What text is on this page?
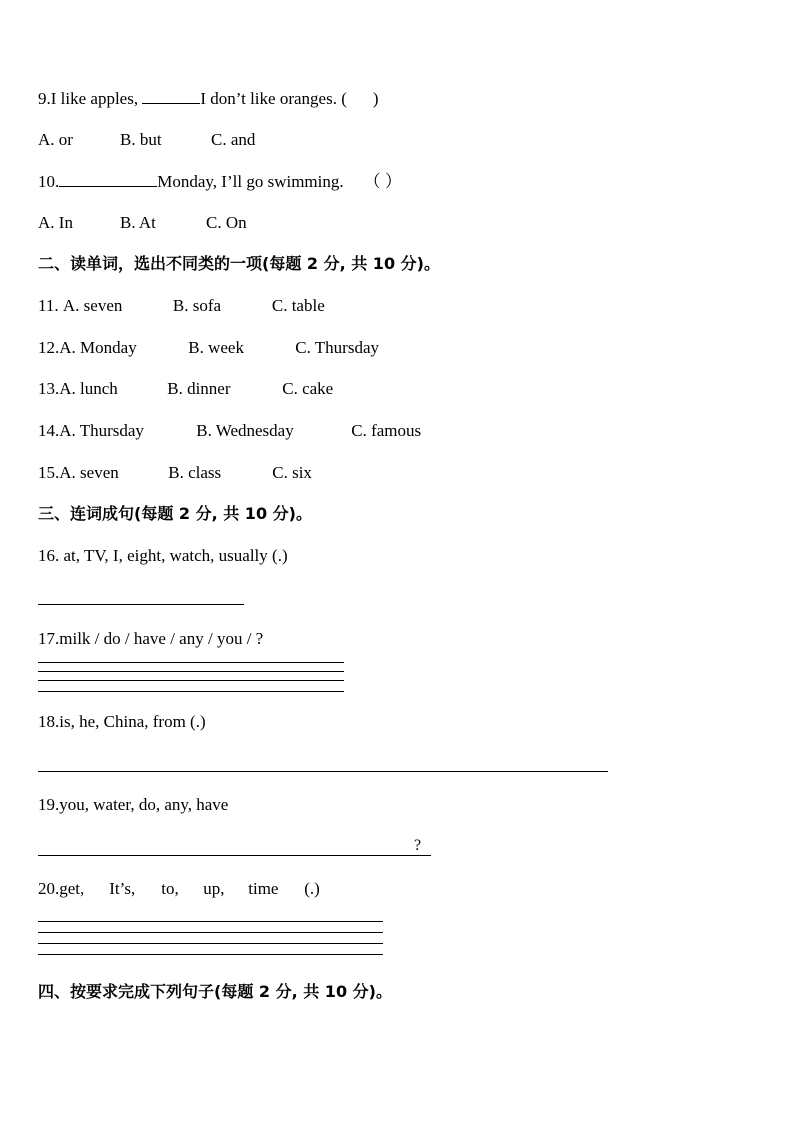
9.I like apples,	I don’t like oranges. ( )
A. or	B. but	C. and
10.	Monday, I’ll go swimming. （ ）
A. In	B. At	C. On
二、读单词，选出不同类的一项(每题 2 分, 共 10 分)。
11. A. seven	B. sofa	C. table
12.A. Monday	B. week	C. Thursday
13.A. lunch	B. dinner	C. cake
14.A. Thursday	B. Wednesday	C. famous
15.A. seven	B. class	C. six
三、连词成句(每题 2 分, 共 10 分)。
16. at, TV, I, eight, watch, usually (.)
17.milk / do / have / any / you / ?
18.is, he, China, from (.)
19.you, water, do, any, have
?
20.get, It’s, to, up, time (.)
四、按要求完成下列句子(每题 2 分, 共 10 分)。
